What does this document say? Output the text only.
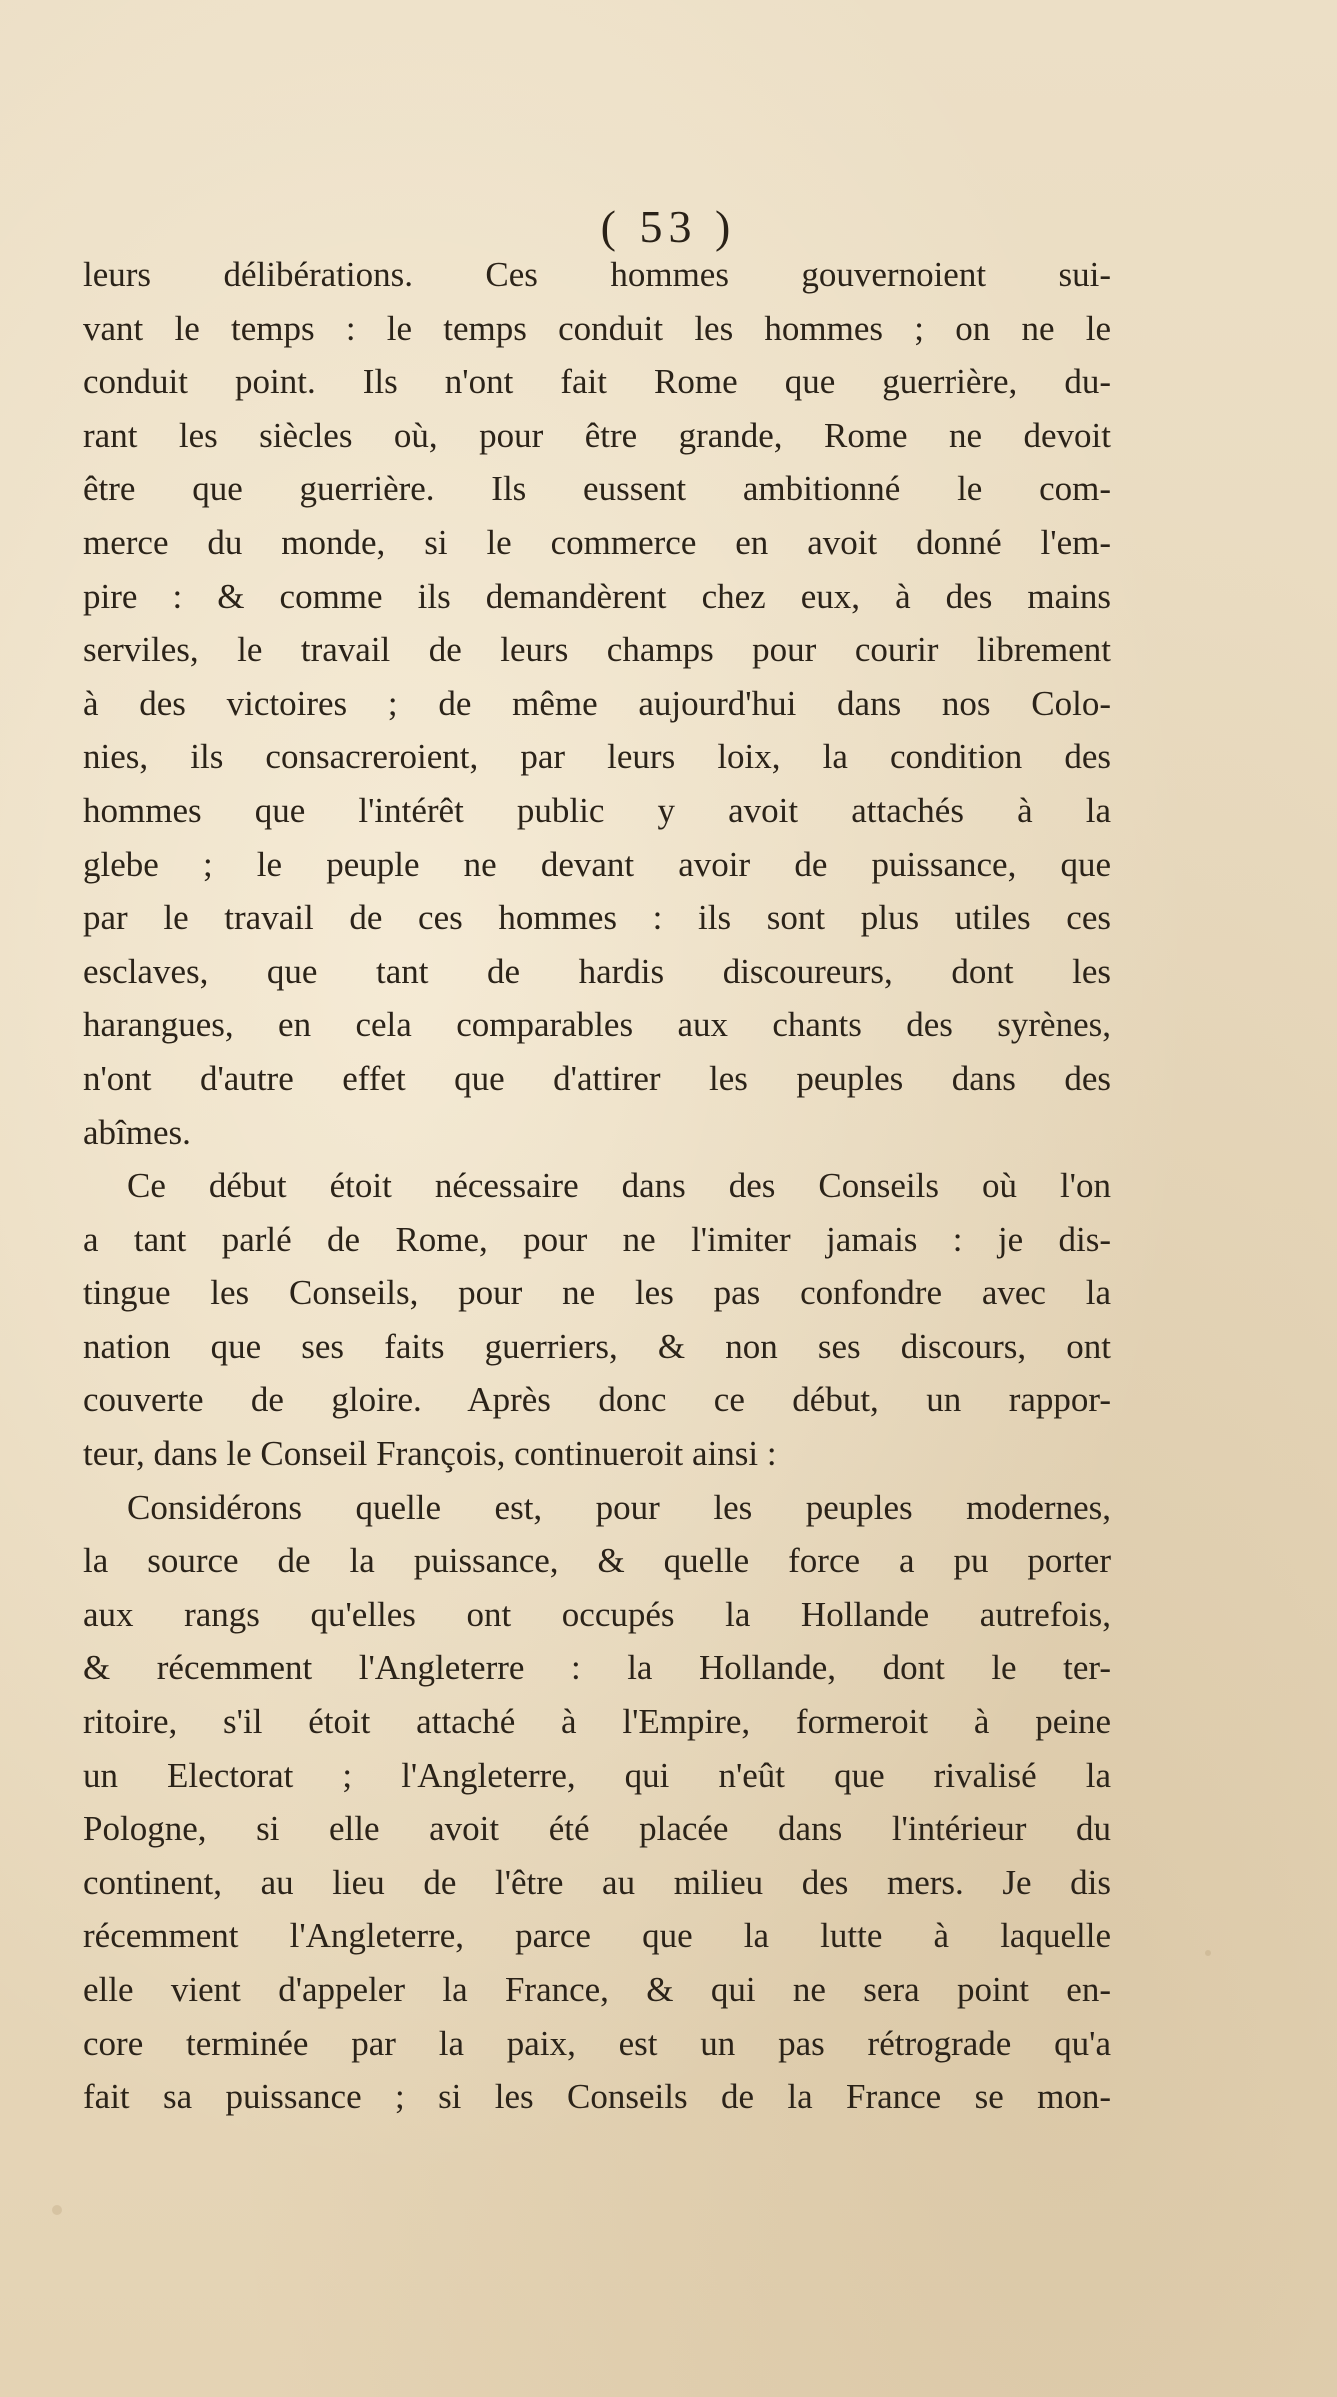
( 53 )
leurs délibérations. Ces hommes gouvernoient sui-
vant le temps : le temps conduit les hommes ; on ne le
conduit point. Ils n'ont fait Rome que guerrière, du-
rant les siècles où, pour être grande, Rome ne devoit
être que guerrière. Ils eussent ambitionné le com-
merce du monde, si le commerce en avoit donné l'em-
pire : & comme ils demandèrent chez eux, à des mains
serviles, le travail de leurs champs pour courir librement
à des victoires ; de même aujourd'hui dans nos Colo-
nies, ils consacreroient, par leurs loix, la condition des
hommes que l'intérêt public y avoit attachés à la
glebe ; le peuple ne devant avoir de puissance, que
par le travail de ces hommes : ils sont plus utiles ces
esclaves, que tant de hardis discoureurs, dont les
harangues, en cela comparables aux chants des syrènes,
n'ont d'autre effet que d'attirer les peuples dans des
abîmes.
Ce début étoit nécessaire dans des Conseils où l'on
a tant parlé de Rome, pour ne l'imiter jamais : je dis-
tingue les Conseils, pour ne les pas confondre avec la
nation que ses faits guerriers, & non ses discours, ont
couverte de gloire. Après donc ce début, un rappor-
teur, dans le Conseil François, continueroit ainsi :
Considérons quelle est, pour les peuples modernes,
la source de la puissance, & quelle force a pu porter
aux rangs qu'elles ont occupés la Hollande autrefois,
& récemment l'Angleterre : la Hollande, dont le ter-
ritoire, s'il étoit attaché à l'Empire, formeroit à peine
un Electorat ; l'Angleterre, qui n'eût que rivalisé la
Pologne, si elle avoit été placée dans l'intérieur du
continent, au lieu de l'être au milieu des mers. Je dis
récemment l'Angleterre, parce que la lutte à laquelle
elle vient d'appeler la France, & qui ne sera point en-
core terminée par la paix, est un pas rétrograde qu'a
fait sa puissance ; si les Conseils de la France se mon-
